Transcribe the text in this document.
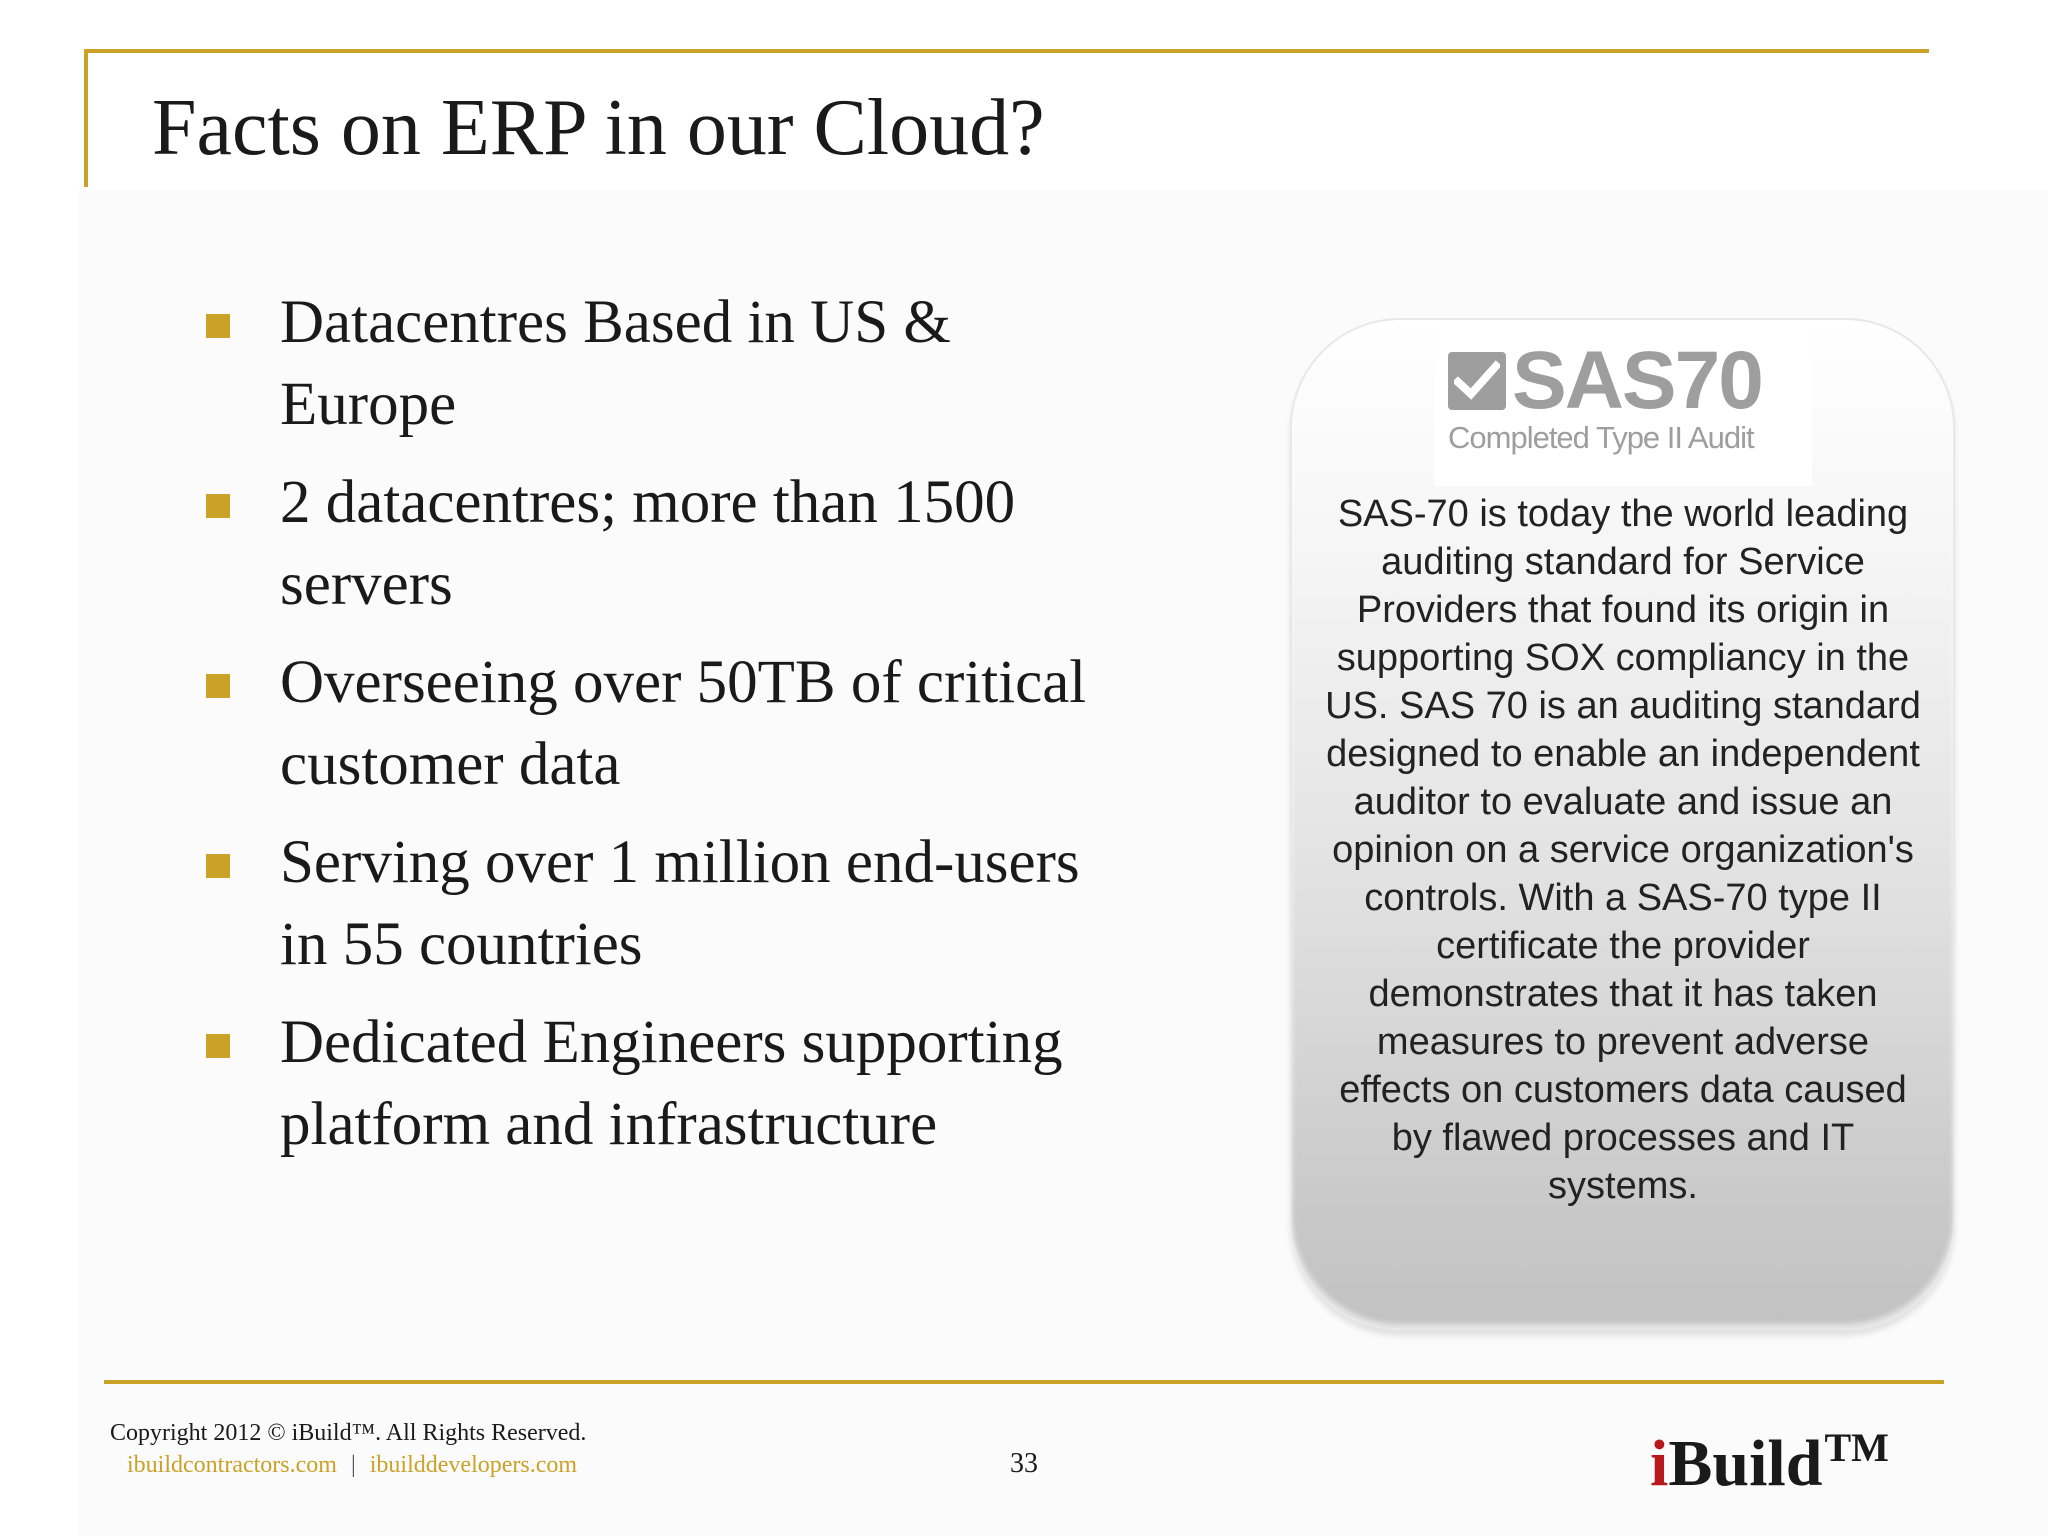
Facts on ERP in our Cloud?
Datacentres Based in US & Europe
2 datacentres; more than 1500 servers
Overseeing over 50TB of critical customer data
Serving over 1 million end-users in 55 countries
Dedicated Engineers supporting platform and infrastructure
SAS70
Completed Type II Audit

SAS-70 is today the world leading auditing standard for Service Providers that found its origin in supporting SOX compliancy in the US. SAS 70 is an auditing standard designed to enable an independent auditor to evaluate and issue an opinion on a service organization's controls. With a SAS-70 type II certificate the provider demonstrates that it has taken measures to prevent adverse effects on customers data caused by flawed processes and IT systems.

Copyright 2012 © iBuild™. All Rights Reserved.
ibuildcontractors.com | ibuilddevelopers.com	33	iBuild™
